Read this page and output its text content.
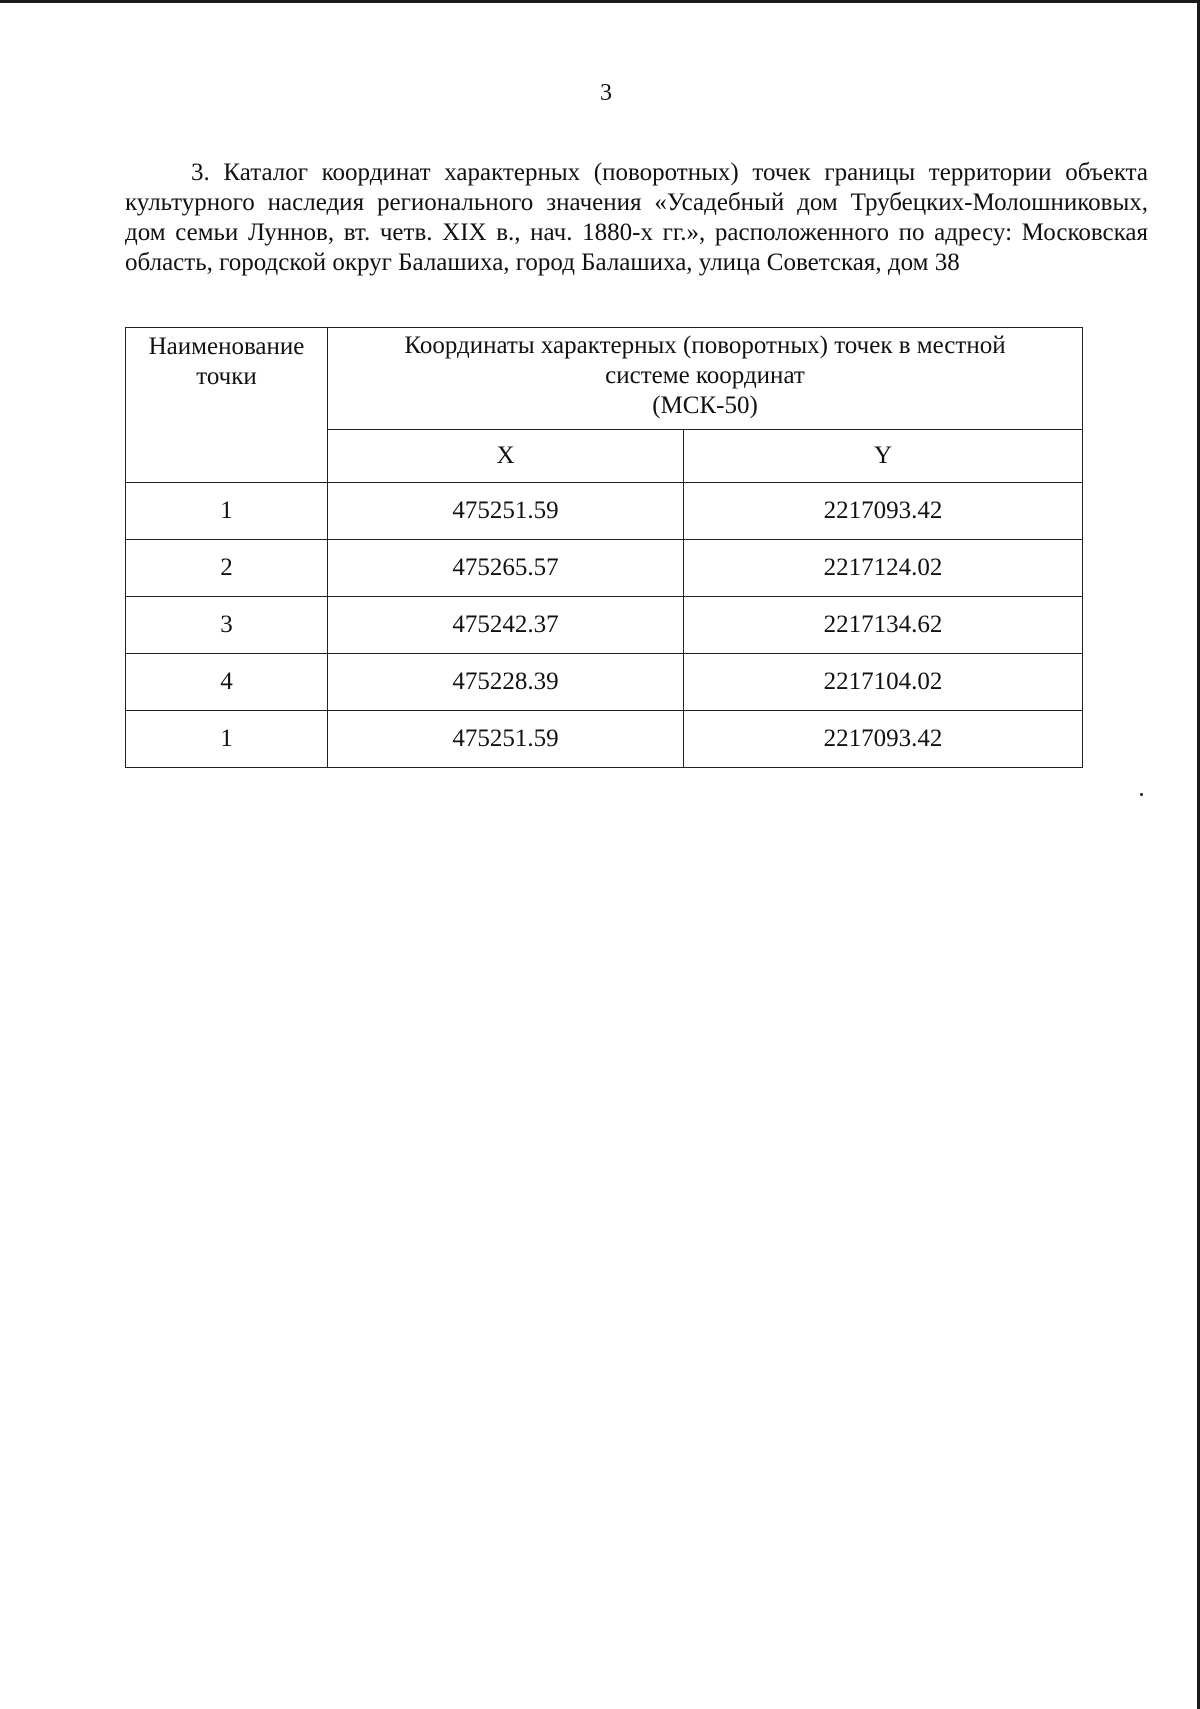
3

3. Каталог координат характерных (поворотных) точек границы территории объекта культурного наследия регионального значения «Усадебный дом Трубецких-Молошниковых, дом семьи Луннов, вт. четв. XIX в., нач. 1880-х гг.», расположенного по адресу: Московская область, городской округ Балашиха, город Балашиха, улица Советская, дом 38

Наименование
точки	Координаты характерных (поворотных) точек в местной
системе координат
(МСК-50)	

	X	Y
1	475251.59	2217093.42
2	475265.57	2217124.02
3	475242.37	2217134.62
4	475228.39	2217104.02
1	475251.59	2217093.42
